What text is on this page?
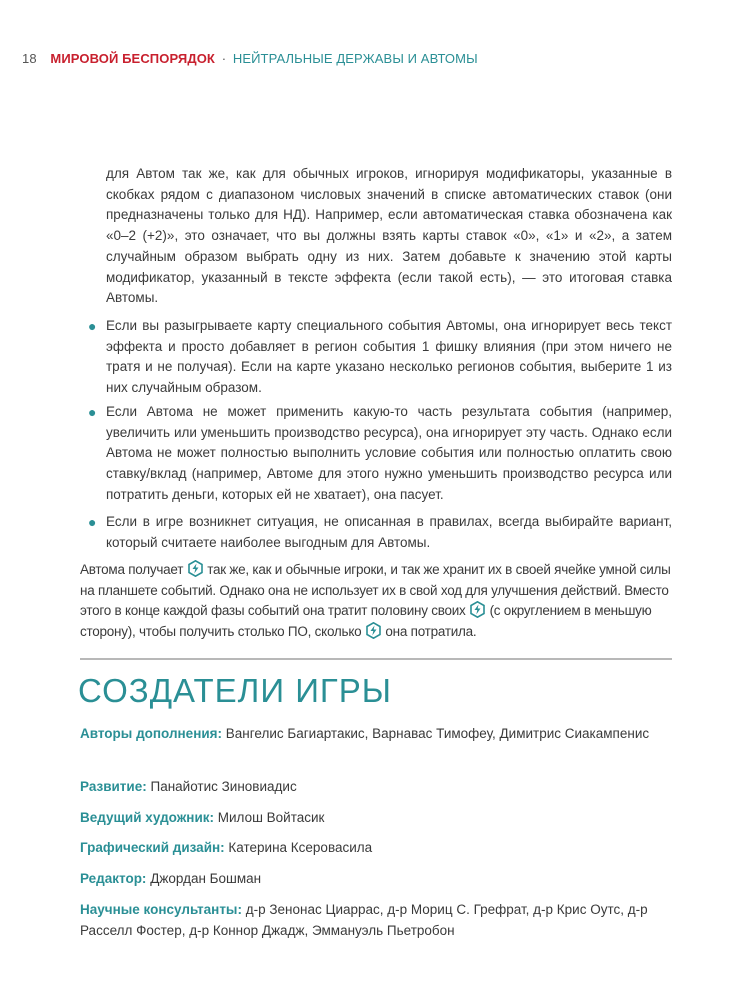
18 МИРОВОЙ БЕСПОРЯДОК · НЕЙТРАЛЬНЫЕ ДЕРЖАВЫ И АВТОМЫ
для Автом так же, как для обычных игроков, игнорируя модификаторы, указанные в скобках рядом с диапазоном числовых значений в списке автоматических ставок (они предназначены только для НД). Например, если автоматическая ставка обозначена как «0–2 (+2)», это означает, что вы должны взять карты ставок «0», «1» и «2», а затем случайным образом выбрать одну из них. Затем добавьте к значению этой карты модификатор, указанный в тексте эффекта (если такой есть), — это итоговая ставка Автомы.
● Если вы разыгрываете карту специального события Автомы, она игнорирует весь текст эффекта и просто добавляет в регион события 1 фишку влияния (при этом ничего не тратя и не получая). Если на карте указано несколько регионов события, выберите 1 из них случайным образом.
● Если Автома не может применить какую-то часть результата события (например, увеличить или уменьшить производство ресурса), она игнорирует эту часть. Однако если Автома не может полностью выполнить условие события или полностью оплатить свою ставку/вклад (например, Автоме для этого нужно уменьшить производство ресурса или потратить деньги, которых ей не хватает), она пасует.
● Если в игре возникнет ситуация, не описанная в правилах, всегда выбирайте вариант, который считаете наиболее выгодным для Автомы.
Автома получает так же, как и обычные игроки, и так же хранит их в своей ячейке умной силы на планшете событий. Однако она не использует их в свой ход для улучшения действий. Вместо этого в конце каждой фазы событий она тратит половину своих (с округлением в меньшую сторону), чтобы получить столько ПО, сколько она потратила.
СОЗДАТЕЛИ ИГРЫ
Авторы дополнения: Вангелис Багиартакис, Варнавас Тимофеу, Димитрис Сиакампенис
Развитие: Панайотис Зиновиадис
Ведущий художник: Милош Войтасик
Графический дизайн: Катерина Ксеровасила
Редактор: Джордан Бошман
Научные консультанты: д-р Зенонас Циаррас, д-р Мориц С. Грефрат, д-р Крис Оутс, д-р Расселл Фостер, д-р Коннор Джадж, Эммануэль Пьетробон
